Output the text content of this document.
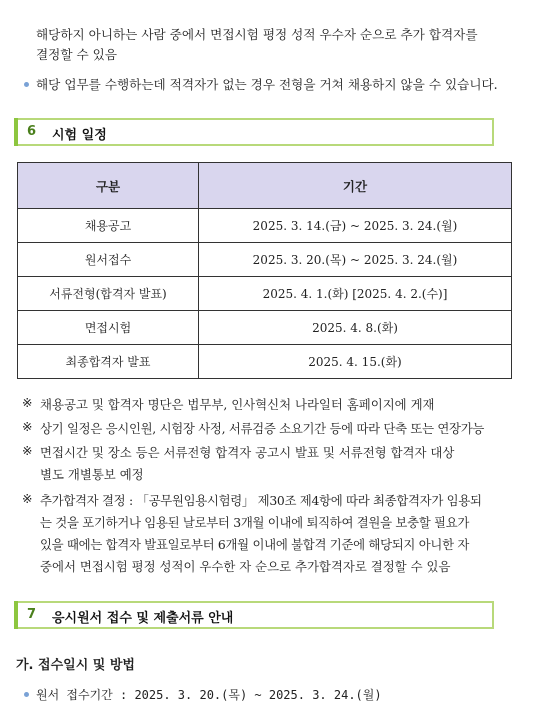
해당하지 아니하는 사람 중에서 면접시험 평정 성적 우수자 순으로 추가 합격자를
결정할 수 있음
해당 업무를 수행하는데 적격자가 없는 경우 전형을 거쳐 채용하지 않을 수 있습니다.
6 시험 일정
구분	기간
채용공고	2025. 3. 14.(금) ~ 2025. 3. 24.(월)
원서접수	2025. 3. 20.(목) ~ 2025. 3. 24.(월)
서류전형(합격자 발표)	2025. 4. 1.(화) [2025. 4. 2.(수)]
면접시험	2025. 4. 8.(화)
최종합격자 발표	2025. 4. 15.(화)
※ 채용공고 및 합격자 명단은 법무부, 인사혁신처 나라일터 홈페이지에 게재
※ 상기 일정은 응시인원, 시험장 사정, 서류검증 소요기간 등에 따라 단축 또는 연장가능
※ 면접시간 및 장소 등은 서류전형 합격자 공고시 발표 및 서류전형 합격자 대상
별도 개별통보 예정
※ 추가합격자 결정 : 「공무원임용시험령」 제30조 제4항에 따라 최종합격자가 임용되
는 것을 포기하거나 임용된 날로부터 3개월 이내에 퇴직하여 결원을 보충할 필요가
있을 때에는 합격자 발표일로부터 6개월 이내에 불합격 기준에 해당되지 아니한 자
중에서 면접시험 평정 성적이 우수한 자 순으로 추가합격자로 결정할 수 있음
7 응시원서 접수 및 제출서류 안내
가. 접수일시 및 방법
원서 접수기간 : 2025. 3. 20.(목) ~ 2025. 3. 24.(월)
